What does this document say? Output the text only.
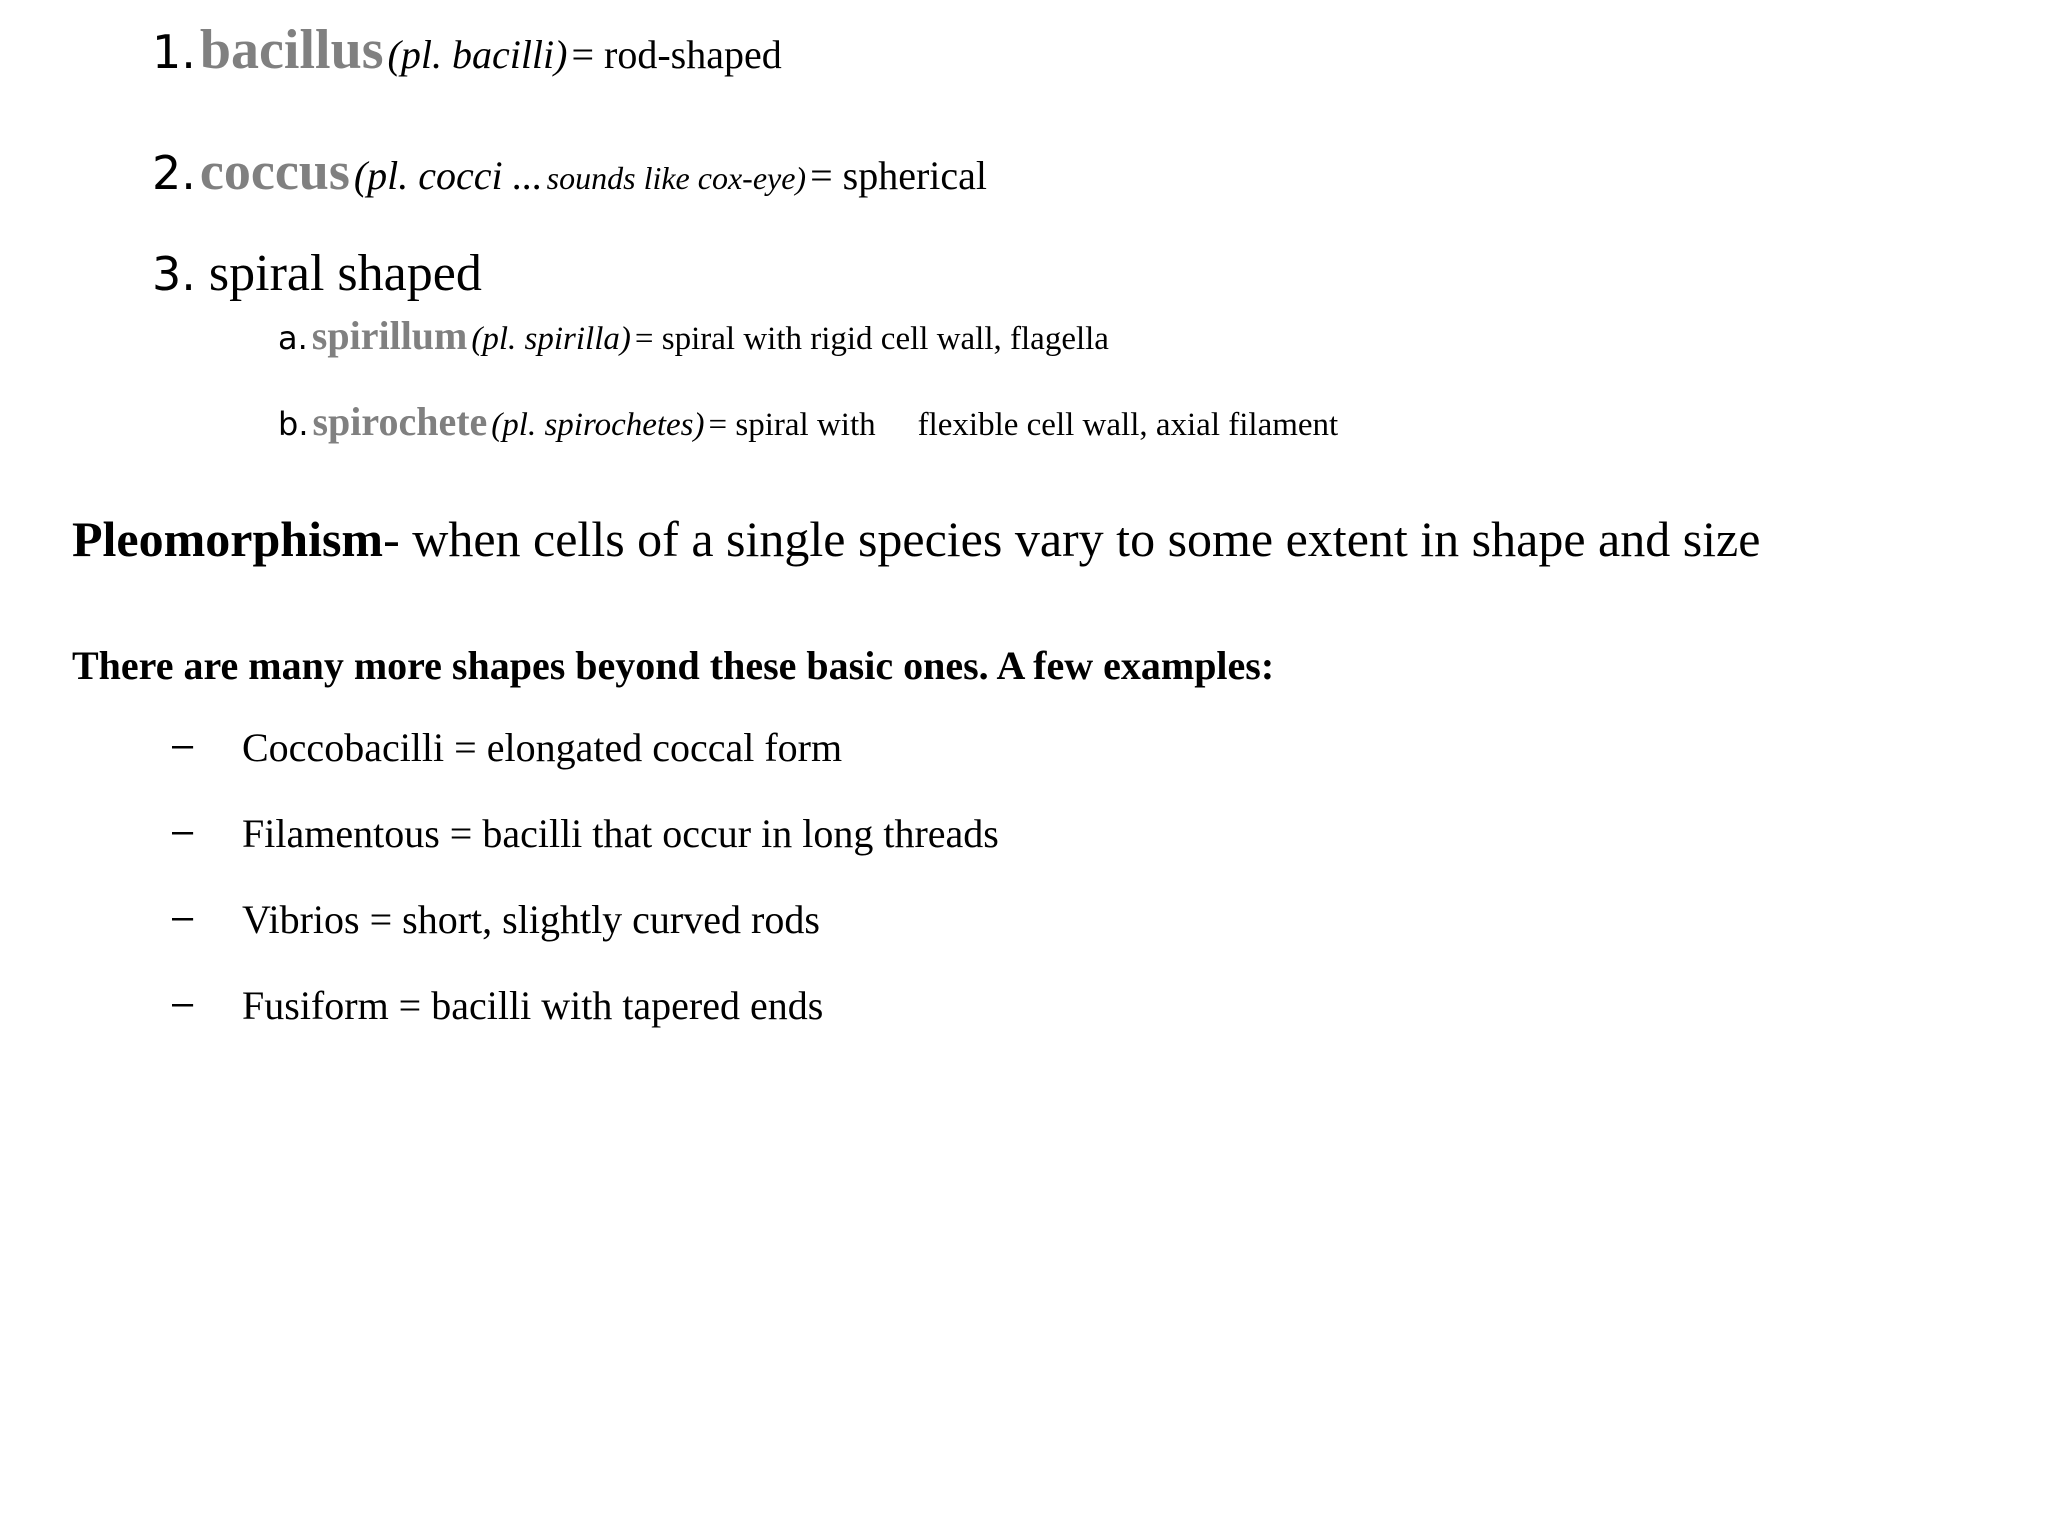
1. bacillus (pl. bacilli) = rod-shaped
2. coccus (pl. cocci ... sounds like cox-eye) = spherical
3. spiral shaped
a. spirillum (pl. spirilla) = spiral with rigid cell wall, flagella
b. spirochete (pl. spirochetes) = spiral with flexible cell wall, axial filament
Pleomorphism- when cells of a single species vary to some extent in shape and size
There are many more shapes beyond these basic ones. A few examples:
–	Coccobacilli = elongated coccal form
–	Filamentous = bacilli that occur in long threads
–	Vibrios = short, slightly curved rods
–	Fusiform = bacilli with tapered ends
